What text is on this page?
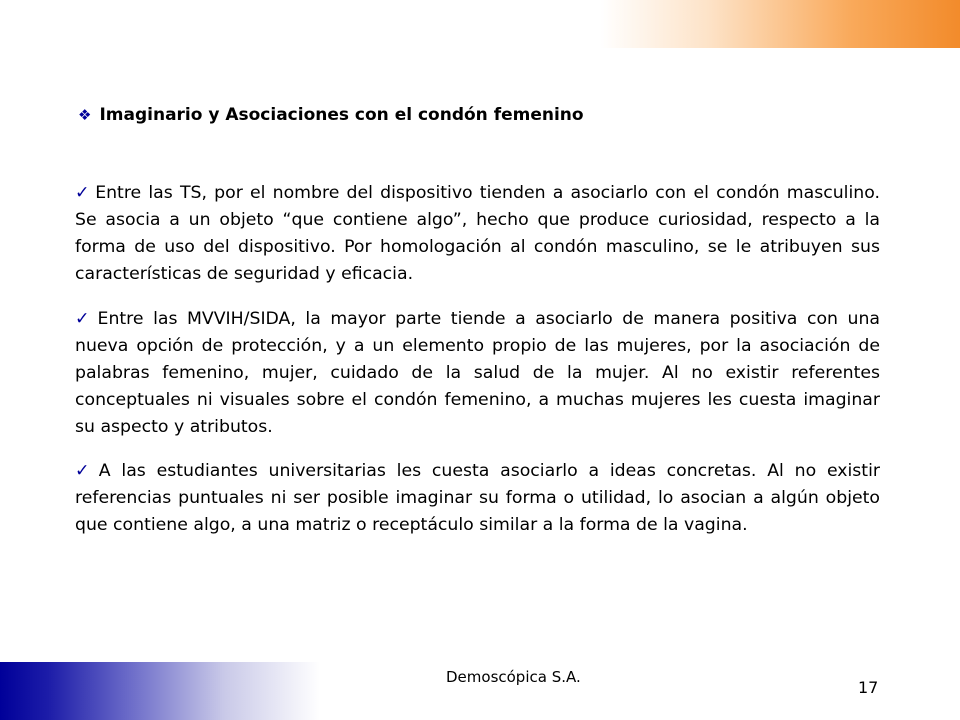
❖ Imaginario y Asociaciones con el condón femenino

✓ Entre las TS, por el nombre del dispositivo tienden a asociarlo con el condón masculino. Se asocia a un objeto “que contiene algo”, hecho que produce curiosidad, respecto a la forma de uso del dispositivo. Por homologación al condón masculino, se le atribuyen sus características de seguridad y eficacia.

✓ Entre las MVVIH/SIDA, la mayor parte tiende a asociarlo de manera positiva con una nueva opción de protección, y a un elemento propio de las mujeres, por la asociación de palabras femenino, mujer, cuidado de la salud de la mujer. Al no existir referentes conceptuales ni visuales sobre el condón femenino, a muchas mujeres les cuesta imaginar su aspecto y atributos.

✓ A las estudiantes universitarias les cuesta asociarlo a ideas concretas. Al no existir referencias puntuales ni ser posible imaginar su forma o utilidad, lo asocian a algún objeto que contiene algo, a una matriz o receptáculo similar a la forma de la vagina.

Demoscópica S.A.
17
